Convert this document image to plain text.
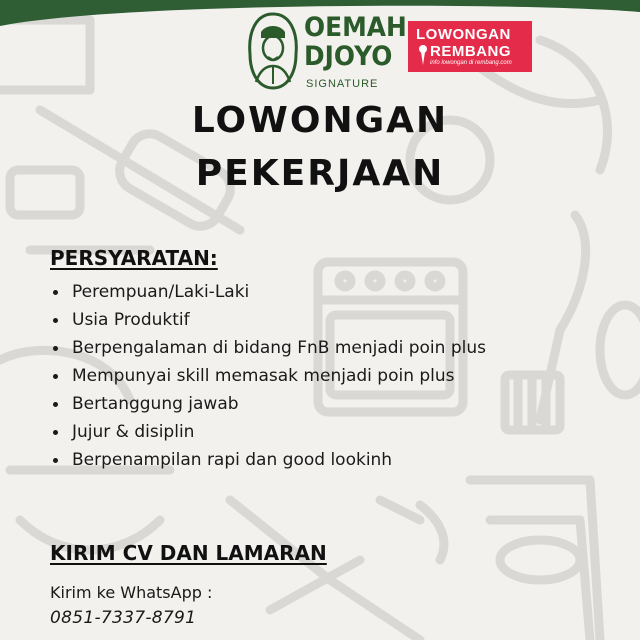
OEMAH
DJOYO
SIGNATURE
LOWONGAN
REMBANG
info lowongan di rembang.com
LOWONGAN
PEKERJAAN
PERSYARATAN:
Perempuan/Laki-Laki
Usia Produktif
Berpengalaman di bidang FnB menjadi poin plus
Mempunyai skill memasak menjadi poin plus
Bertanggung jawab
Jujur & disiplin
Berpenampilan rapi dan good lookinh
KIRIM CV DAN LAMARAN
Kirim ke WhatsApp :
0851-7337-8791
